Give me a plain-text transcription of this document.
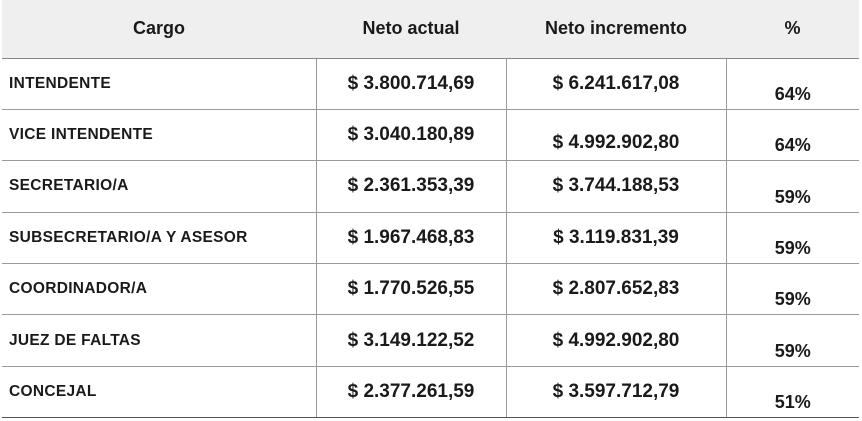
Cargo	Neto actual	Neto incremento	%
INTENDENTE	$ 3.800.714,69	$ 6.241.617,08	64%
VICE INTENDENTE	$ 3.040.180,89	$ 4.992.902,80	64%
SECRETARIO/A	$ 2.361.353,39	$ 3.744.188,53	59%
SUBSECRETARIO/A Y ASESOR	$ 1.967.468,83	$ 3.119.831,39	59%
COORDINADOR/A	$ 1.770.526,55	$ 2.807.652,83	59%
JUEZ DE FALTAS	$ 3.149.122,52	$ 4.992.902,80	59%
CONCEJAL	$ 2.377.261,59	$ 3.597.712,79	51%
